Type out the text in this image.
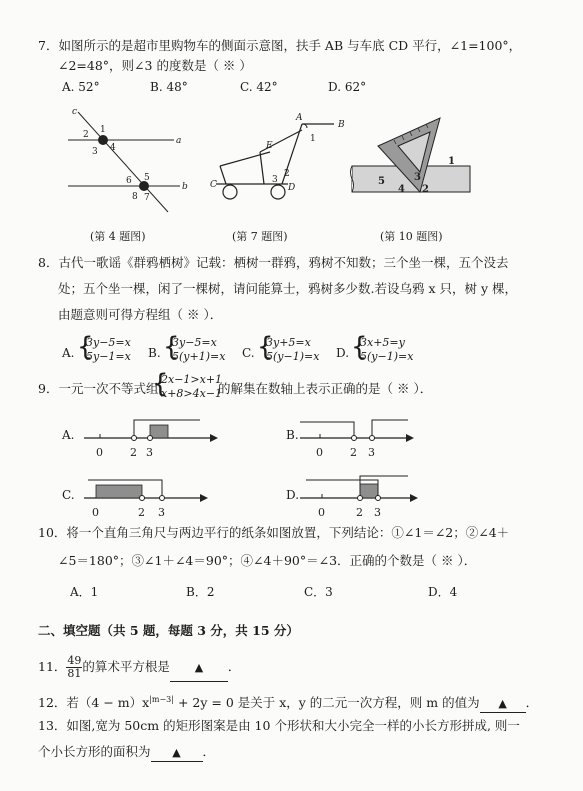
7．如图所示的是超市里购物车的侧面示意图，扶手 AB 与车底 CD 平行，∠1=100°，
∠2=48°，则∠3 的度数是（ ※ ）
A. 52°	B. 48°	C. 42°	D. 62°
c
a
b
2 1
3 4
6 5
8 7
A
B
E
C	D
1
3
2
1
5
4
3
2
(第 4 题图)	(第 7 题图)	(第 10 题图)
8．古代一歌谣《群鸦栖树》记载：栖树一群鸦，鸦树不知数；三个坐一棵，五个没去
处；五个坐一棵，闲了一棵树，请问能算士，鸦树多少数.若设乌鸦 x 只，树 y 棵，
由题意则可得方程组（ ※ ）．
A. {
3y−5=x
5y−1=x B. {
3y−5=x
5(y+1)=x C. {
3y+5=x
5(y−1)=x D. {
3x+5=y
5(y−1)=x
9．一元一次不等式组
{
2x−1>x+1
x+8>4x−1
的解集在数轴上表示正确的是（ ※ ）．
A.
0 2 3
B.
0 2 3
C.
0	2 3
D.
0	2 3
10．将一个直角三角尺与两边平行的纸条如图放置，下列结论：①∠1＝∠2；②∠4＋
∠5＝180°；③∠1＋∠4＝90°；④∠4＋90°＝∠3．正确的个数是（ ※ ）．
A．1	B．2	C．3	D．4
二、填空题（共 5 题，每题 3 分，共 15 分）
11． $\frac{49}{81}$ 的算术平方根是 ▲ ．
12．若$(4 - m)x^{|m-3|} + 2y = 0$ 是关于 x，y 的二元一次方程，则 m 的值为 ▲ ．
13．如图,宽为 50cm 的矩形图案是由 10 个形状和大小完全一样的小长方形拼成, 则一
个小长方形的面积为 ▲ ．
